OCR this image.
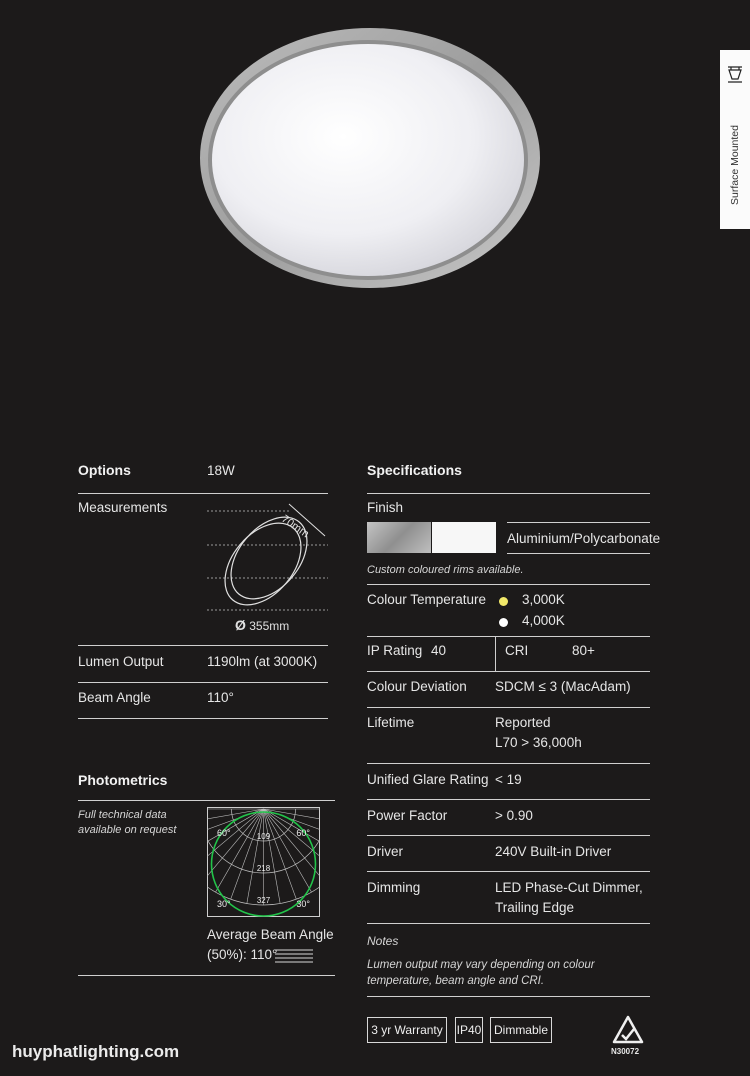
Surface Mounted
Options	18W
Measurements
70mm
Ø 355mm
Lumen Output	1190lm (at 3000K)
Beam Angle	110°
Photometrics
Full technical data
available on request
109
218
327
60°	60°
30°	30°
Average Beam Angle
(50%): 110°
Specifications
Finish
Aluminium/Polycarbonate
Custom coloured rims available.
Colour Temperature	3,000K
4,000K
IP Rating 40	CRI	80+
Colour Deviation SDCM ≤ 3 (MacAdam)
Lifetime	Reported
L70 > 36,000h
Unified Glare Rating < 19
Power Factor	> 0.90
Driver	240V Built-in Driver
Dimming	LED Phase-Cut Dimmer,
Trailing Edge
Notes
Lumen output may vary depending on colour
temperature, beam angle and CRI.
3 yr Warranty	IP40	Dimmable
N30072
huyphatlighting.com
